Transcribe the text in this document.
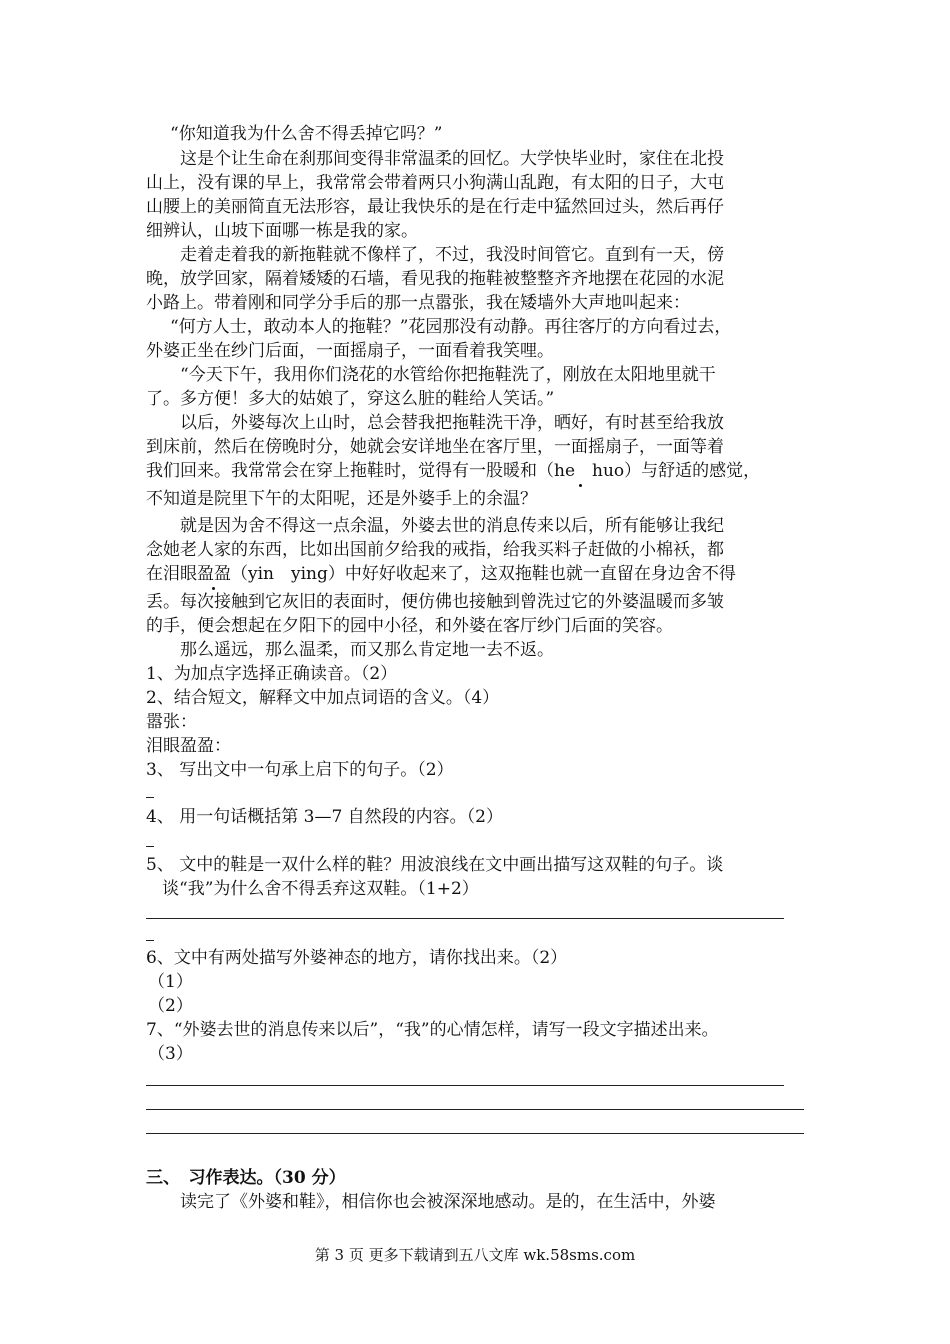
“你知道我为什么舍不得丢掉它吗？”
这是个让生命在刹那间变得非常温柔的回忆。大学快毕业时，家住在北投
山上，没有课的早上，我常常会带着两只小狗满山乱跑，有太阳的日子，大屯
山腰上的美丽简直无法形容，最让我快乐的是在行走中猛然回过头，然后再仔
细辨认，山坡下面哪一栋是我的家。
走着走着我的新拖鞋就不像样了，不过，我没时间管它。直到有一天，傍
晚，放学回家，隔着矮矮的石墙，看见我的拖鞋被整整齐齐地摆在花园的水泥
小路上。带着刚和同学分手后的那一点嚣张，我在矮墙外大声地叫起来：
“何方人士，敢动本人的拖鞋？”花园那没有动静。再往客厅的方向看过去，
外婆正坐在纱门后面，一面摇扇子，一面看着我笑哩。
“今天下午，我用你们浇花的水管给你把拖鞋洗了，刚放在太阳地里就干
了。多方便！多大的姑娘了，穿这么脏的鞋给人笑话。”
以后，外婆每次上山时，总会替我把拖鞋洗干净，晒好，有时甚至给我放
到床前，然后在傍晚时分，她就会安详地坐在客厅里，一面摇扇子，一面等着
我们回来。我常常会在穿上拖鞋时，觉得有一股暖和（he　huo）与舒适的感觉，
不知道是院里下午的太阳呢，还是外婆手上的余温？
就是因为舍不得这一点余温，外婆去世的消息传来以后，所有能够让我纪
念她老人家的东西，比如出国前夕给我的戒指，给我买料子赶做的小棉袄，都
在泪眼盈盈（yin　ying）中好好收起来了，这双拖鞋也就一直留在身边舍不得
丢。每次接触到它灰旧的表面时，便仿佛也接触到曾洗过它的外婆温暖而多皱
的手，便会想起在夕阳下的园中小径，和外婆在客厅纱门后面的笑容。
那么遥远，那么温柔，而又那么肯定地一去不返。
1、为加点字选择正确读音。（2）
2、结合短文，解释文中加点词语的含义。（4）
嚣张：
泪眼盈盈：
3、 写出文中一句承上启下的句子。（2）
4、 用一句话概括第 3—7 自然段的内容。（2）
5、 文中的鞋是一双什么样的鞋？用波浪线在文中画出描写这双鞋的句子。谈
谈“我”为什么舍不得丢弃这双鞋。（1+2）
6、文中有两处描写外婆神态的地方，请你找出来。（2）
（1）
（2）
7、“外婆去世的消息传来以后”，“我”的心情怎样，请写一段文字描述出来。
（3）
三、　习作表达。（30 分）
读完了《外婆和鞋》，相信你也会被深深地感动。是的，在生活中，外婆
第 3 页 更多下载请到五八文库 wk.58sms.com
